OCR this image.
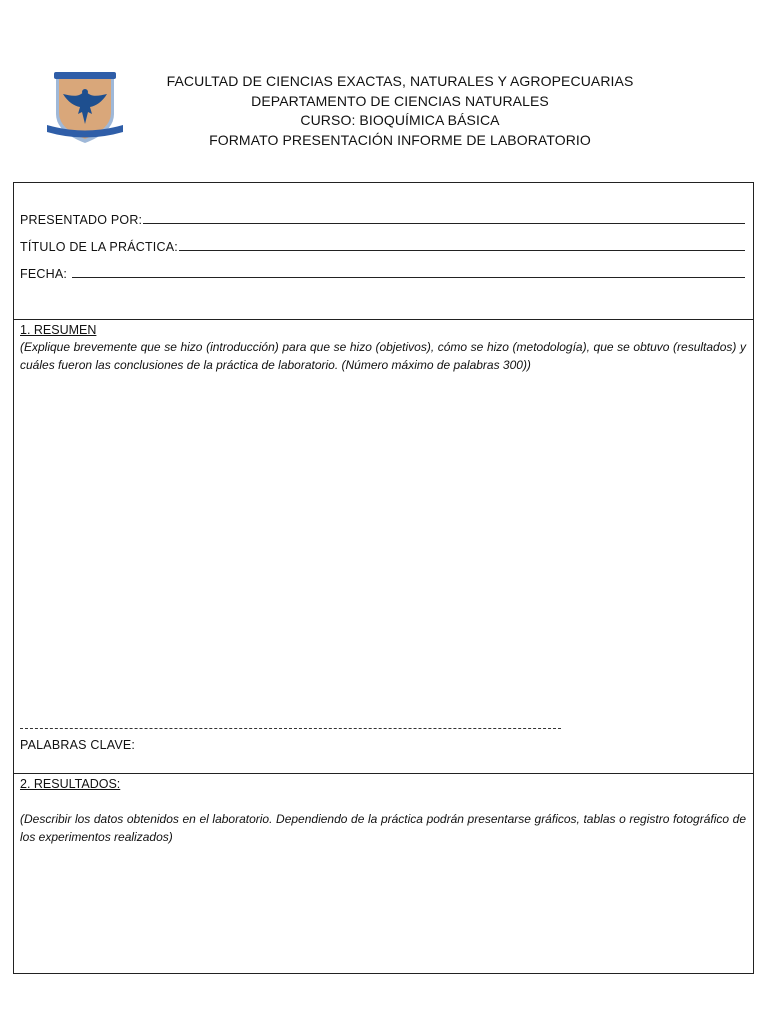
FACULTAD DE CIENCIAS EXACTAS, NATURALES Y AGROPECUARIAS
DEPARTAMENTO DE CIENCIAS NATURALES
CURSO: BIOQUÍMICA BÁSICA
FORMATO PRESENTACIÓN INFORME DE LABORATORIO
PRESENTADO POR:
TÍTULO DE LA PRÁCTICA:
FECHA:
1. RESUMEN
(Explique brevemente que se hizo (introducción) para que se hizo (objetivos), cómo se hizo (metodología), que se obtuvo (resultados) y cuáles fueron las conclusiones de la práctica de laboratorio. (Número máximo de palabras 300))
PALABRAS CLAVE:
2. RESULTADOS:
(Describir los datos obtenidos en el laboratorio. Dependiendo de la práctica podrán presentarse gráficos, tablas o registro fotográfico de los experimentos realizados)
